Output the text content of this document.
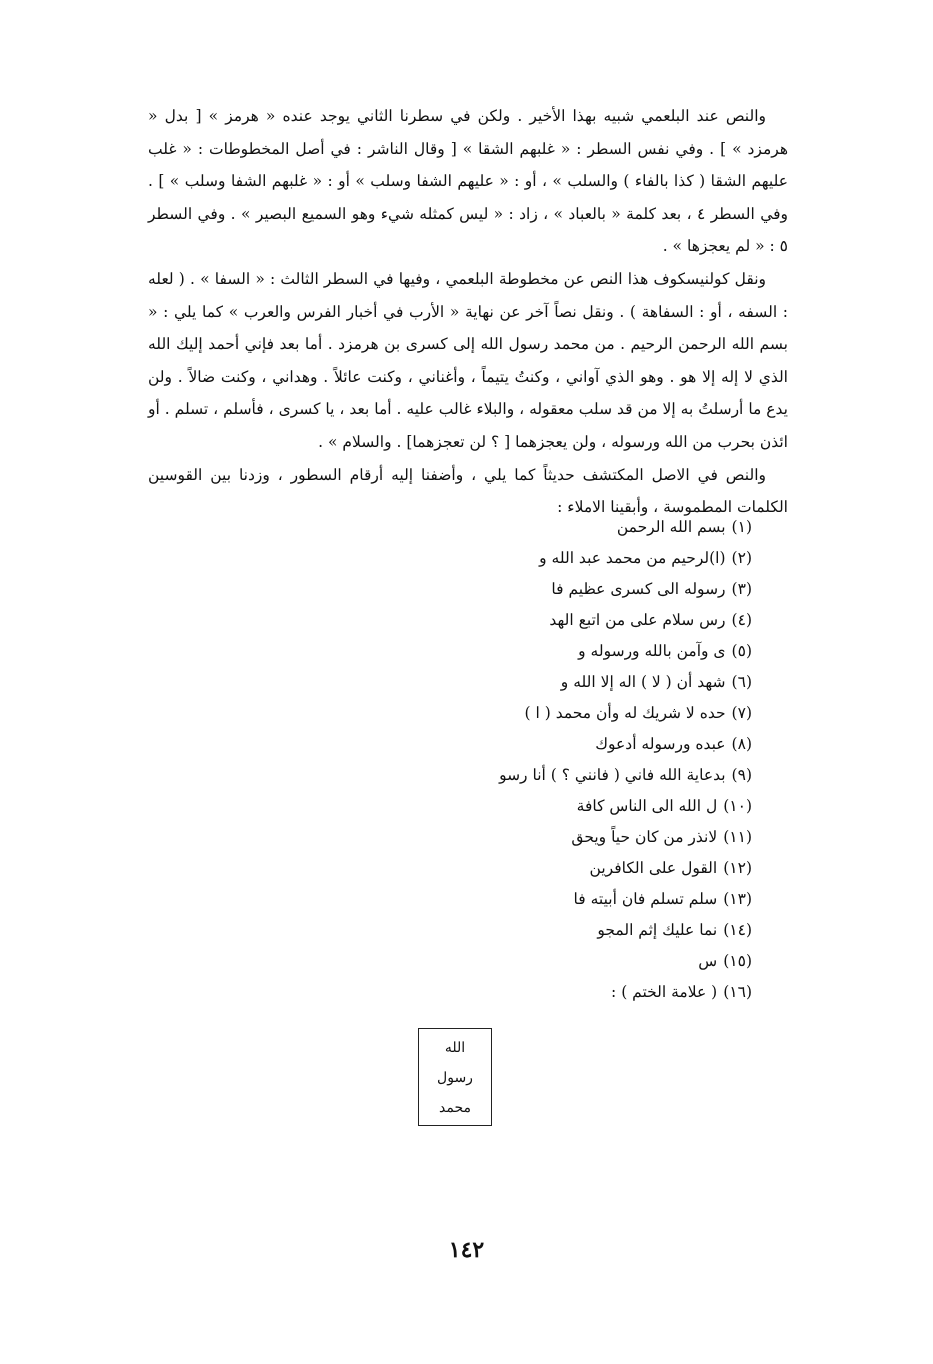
والنص عند البلعمي شبيه بهذا الأخير . ولكن في سطرنا الثاني يوجد عنده « هرمز » [ بدل « هرمزد » ] . وفي نفس السطر : « غلبهم الشقا » [ وقال الناشر : في أصل المخطوطات : « غلب عليهم الشقا ( كذا بالفاء ) والسلب » ، أو : « عليهم الشفا وسلب » أو : « غلبهم الشفا وسلب » ] . وفي السطر ٤ ، بعد كلمة « بالعباد » ، زاد : « ليس كمثله شيء وهو السميع البصير » . وفي السطر ٥ : « لم يعجزها » .

ونقل كولنيسكوف هذا النص عن مخطوطة البلعمي ، وفيها في السطر الثالث : « السفا » . ( لعله : السفه ، أو : السفاهة ) . ونقل نصاً آخر عن نهاية « الأرب في أخبار الفرس والعرب » كما يلي : « بسم الله الرحمن الرحيم . من محمد رسول الله إلى كسرى بن هرمزد . أما بعد فإني أحمد إليك الله الذي لا إله إلا هو . وهو الذي آواني ، وكنتُ يتيماً ، وأغناني ، وكنت عائلاً . وهداني ، وكنت ضالاً . ولن يدع ما أرسلتُ به إلا من قد سلب معقوله ، والبلاء غالب عليه . أما بعد ، يا كسرى ، فأسلم ، تسلم . أو ائذن بحرب من الله ورسوله ، ولن يعجزهما [ ؟ لن تعجزهما] . والسلام » .

والنص في الاصل المكتشف حديثاً كما يلي ، وأضفنا إليه أرقام السطور ، وزدنا بين القوسين الكلمات المطموسة ، وأبقينا الاملاء :

(١)بسم الله الرحمن
(٢)(ا)لرحيم من محمد عبد الله و
(٣)رسوله الى كسرى عظيم فا
(٤)رس سلام على من اتبع الهد
(٥)ى وآمن بالله ورسوله و
(٦)شهد أن ( لا ) اله إلا الله و
(٧)حده لا شريك له وأن محمد ( ا )
(٨)عبده ورسوله أدعوك
(٩)بدعاية الله فاني ( فانني ؟ ) أنا رسو
(١٠)ل الله الى الناس كافة
(١١)لانذر من كان حياً ويحق
(١٢)القول على الكافرين
(١٣)سلم تسلم فان أبيته فا
(١٤)نما عليك إثم المجو
(١٥)س
(١٦)( علامة الختم ) :
الله
رسول
محمد
١٤٢
